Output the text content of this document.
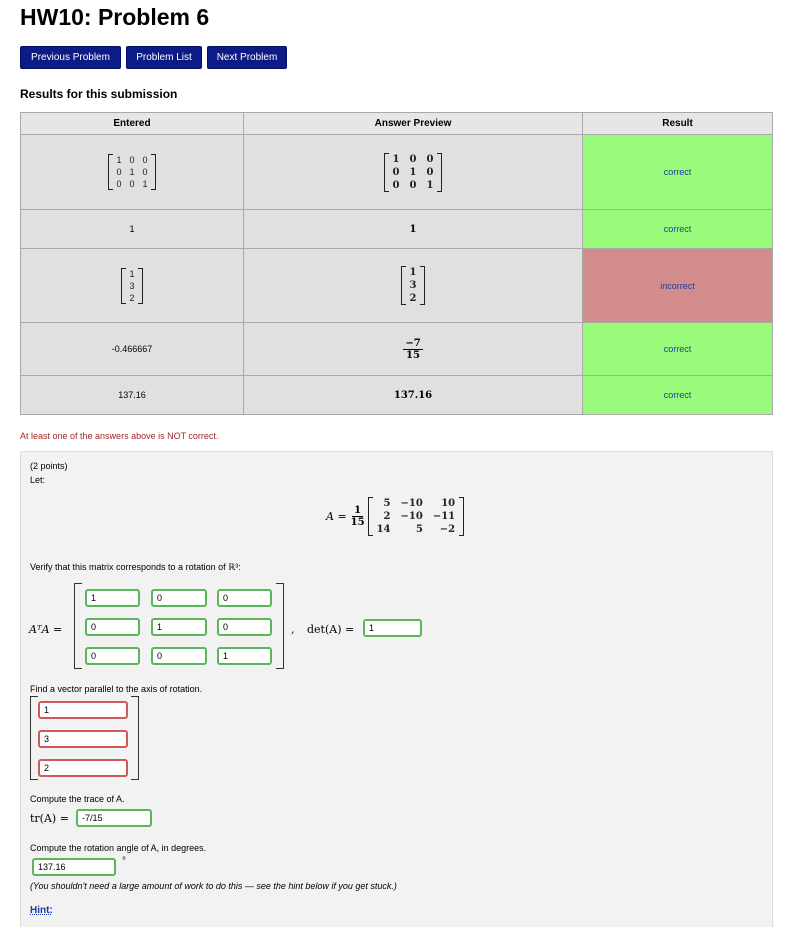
HW10: Problem 6
Previous Problem	Problem List	Next Problem
Results for this submission
Entered	Answer Preview	Result

1	0	0
0	1	0
0	0	1

1	0	0
0	1	0
0	0	1
	correct
1	1	correct

1
3
2

1
3
2
	incorrect
-0.466667	$\frac{-7}{15}$	correct
137.16	137.16	correct
At least one of the answers above is NOT correct.
(2 points)
Let:
$A = \frac{1}{15}$
5	−10	10
2	−10	−11
14	5	−2
Verify that this matrix corresponds to a rotation of ℝ³:
AᵀA =
1	0	0
0	1	0
0	0	1
, det(A) =	1
Find a vector parallel to the axis of rotation.
1
3
2
Compute the trace of A.
tr(A) =	-7/15
Compute the rotation angle of A, in degrees.
137.16	°
(You shouldn't need a large amount of work to do this — see the hint below if you get stuck.)
Hint:
